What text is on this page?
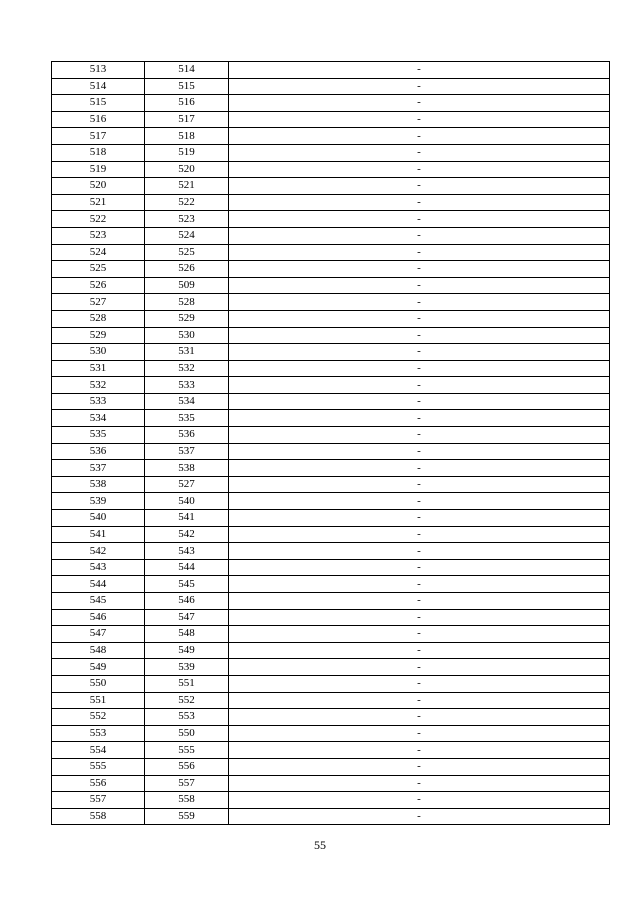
513	514	-
514	515	-
515	516	-
516	517	-
517	518	-
518	519	-
519	520	-
520	521	-
521	522	-
522	523	-
523	524	-
524	525	-
525	526	-
526	509	-
527	528	-
528	529	-
529	530	-
530	531	-
531	532	-
532	533	-
533	534	-
534	535	-
535	536	-
536	537	-
537	538	-
538	527	-
539	540	-
540	541	-
541	542	-
542	543	-
543	544	-
544	545	-
545	546	-
546	547	-
547	548	-
548	549	-
549	539	-
550	551	-
551	552	-
552	553	-
553	550	-
554	555	-
555	556	-
556	557	-
557	558	-
558	559	-
55
